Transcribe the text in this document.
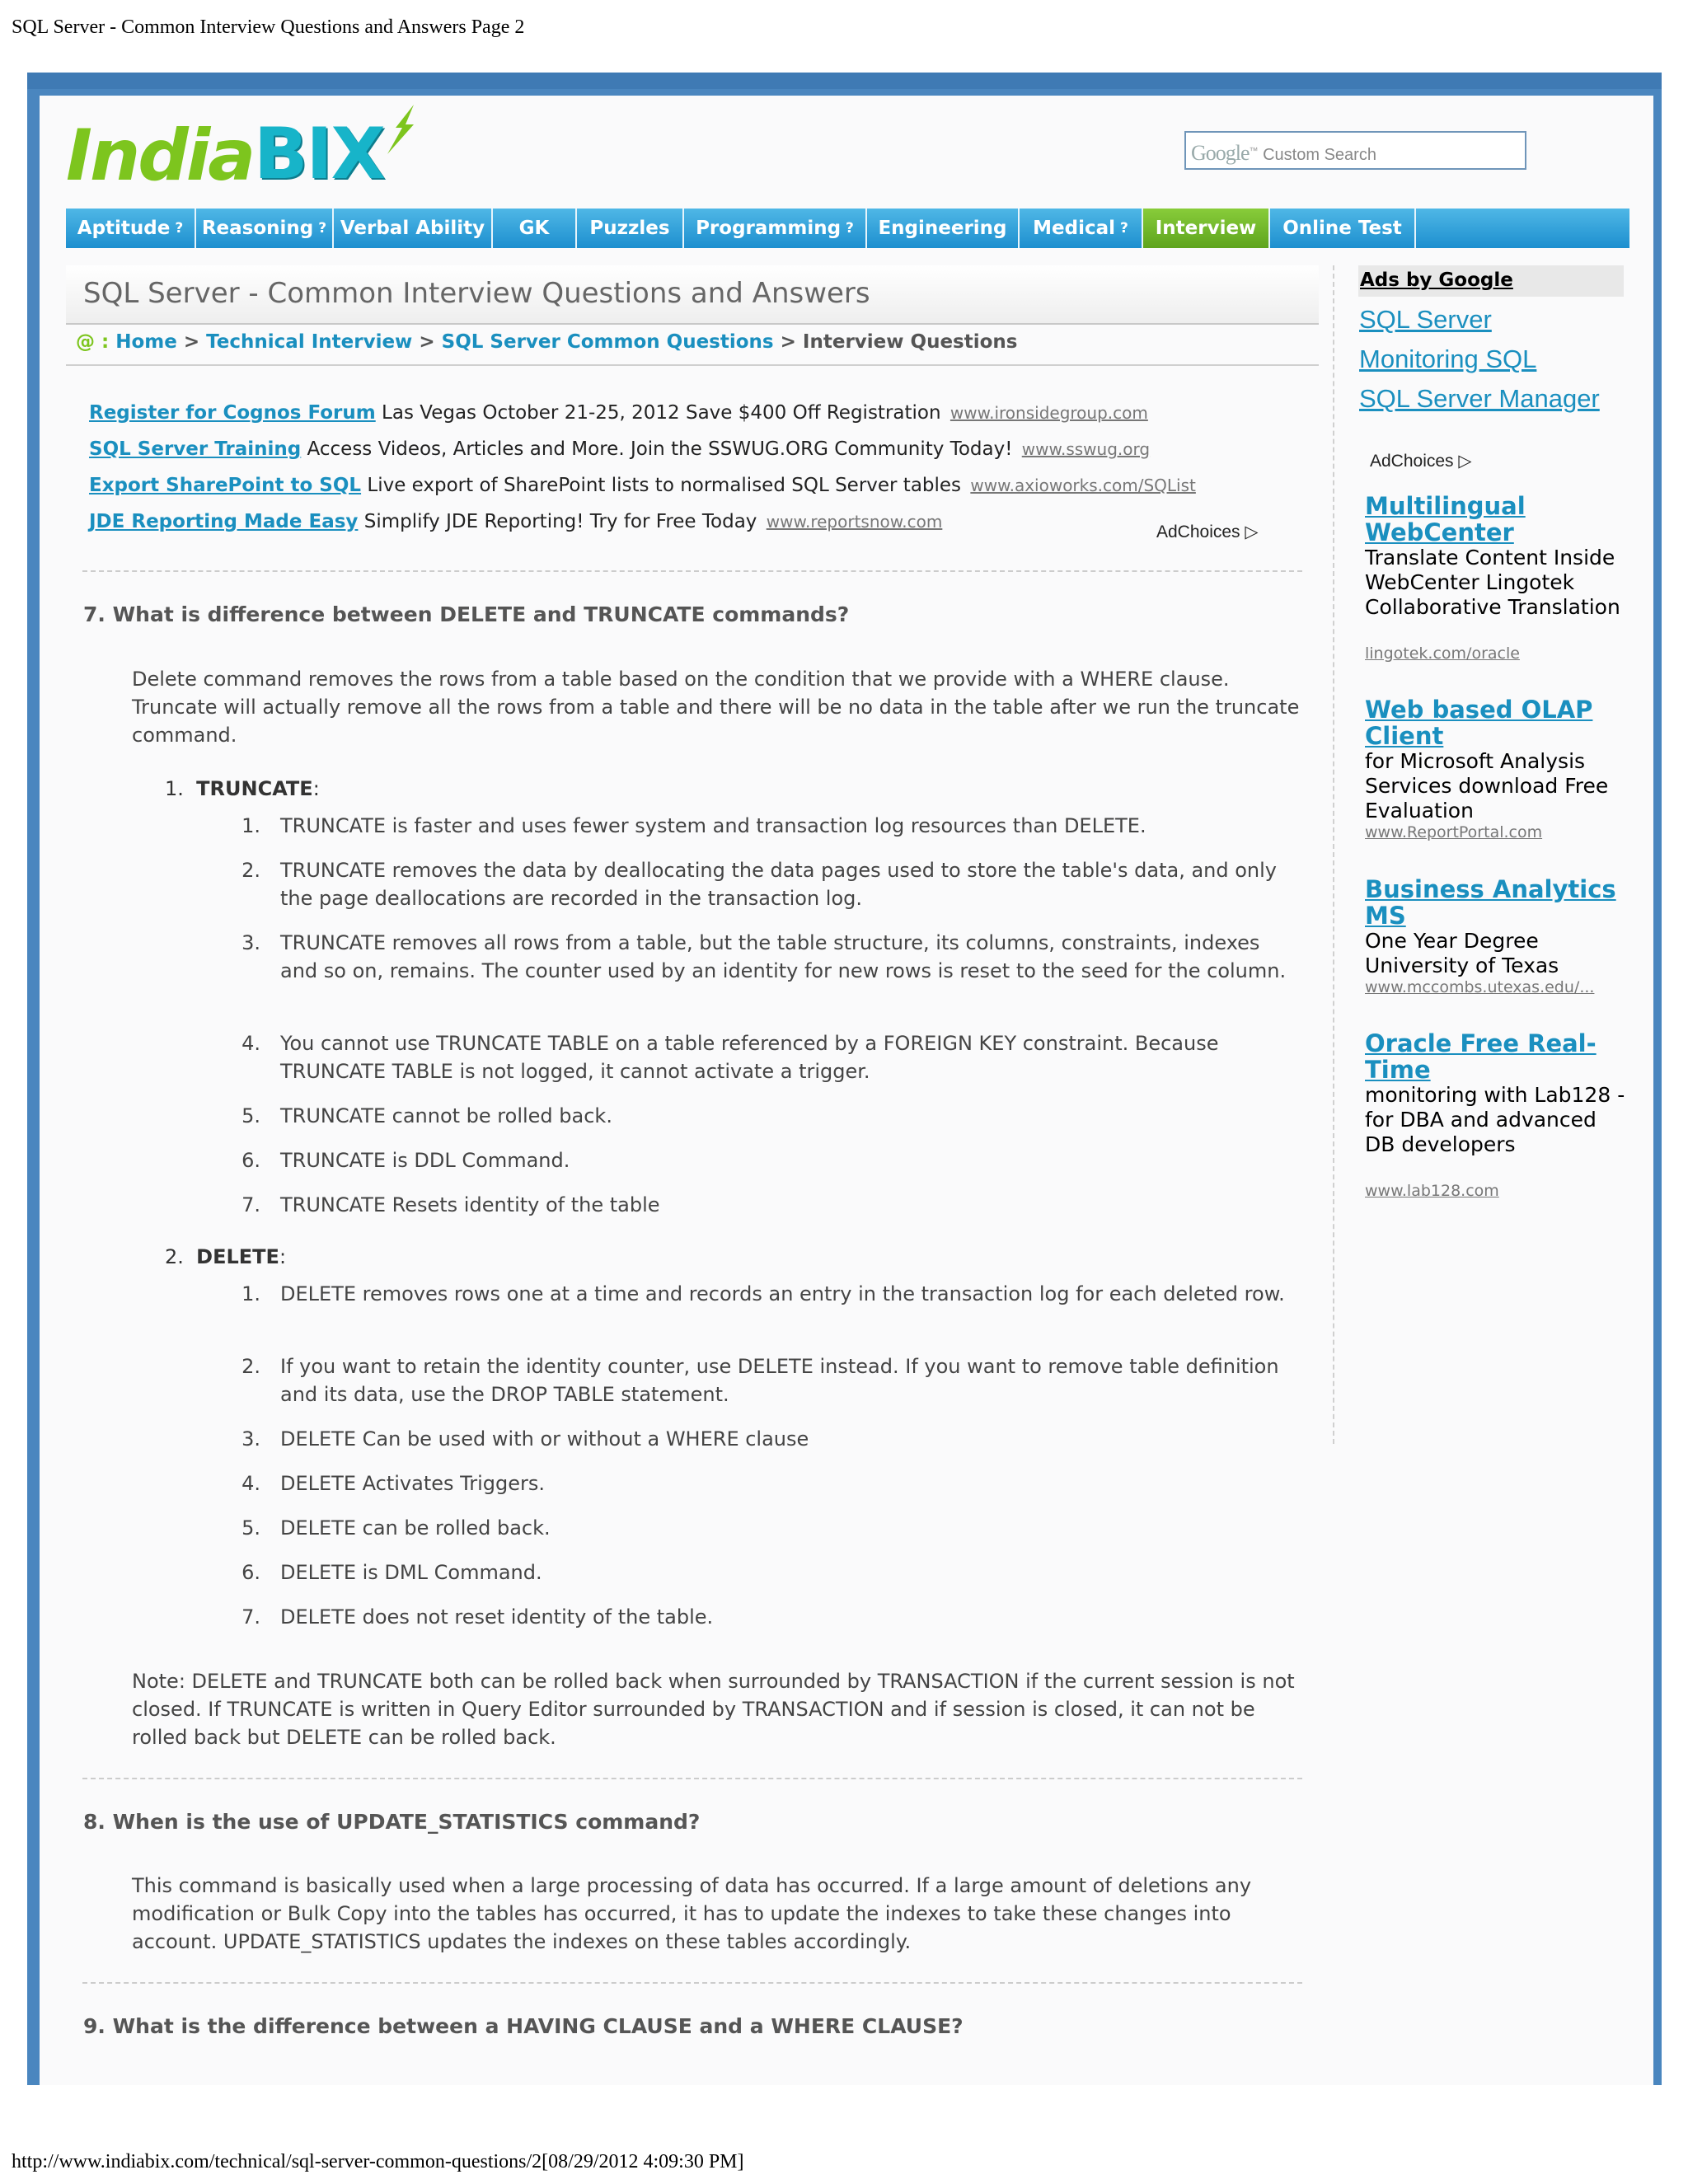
SQL Server - Common Interview Questions and Answers Page 2
India BIX	Google™ Custom Search
Aptitude ? Reasoning ? Verbal Ability GK Puzzles Programming ? Engineering Medical ? Interview Online Test
SQL Server - Common Interview Questions and Answers
@ : Home > Technical Interview > SQL Server Common Questions > Interview Questions
Register for Cognos Forum Las Vegas October 21-25, 2012 Save $400 Off Registration www.ironsidegroup.com
SQL Server Training Access Videos, Articles and More. Join the SSWUG.ORG Community Today! www.sswug.org
Export SharePoint to SQL Live export of SharePoint lists to normalised SQL Server tables www.axioworks.com/SQList
JDE Reporting Made Easy Simplify JDE Reporting! Try for Free Today www.reportsnow.com
AdChoices ▷
7. What is difference between DELETE and TRUNCATE commands?
Delete command removes the rows from a table based on the condition that we provide with a WHERE clause. Truncate will actually remove all the rows from a table and there will be no data in the table after we run the truncate command.
1. TRUNCATE:
1. TRUNCATE is faster and uses fewer system and transaction log resources than DELETE.
2. TRUNCATE removes the data by deallocating the data pages used to store the table's data, and only the page deallocations are recorded in the transaction log.
3. TRUNCATE removes all rows from a table, but the table structure, its columns, constraints, indexes and so on, remains. The counter used by an identity for new rows is reset to the seed for the column.
4. You cannot use TRUNCATE TABLE on a table referenced by a FOREIGN KEY constraint. Because TRUNCATE TABLE is not logged, it cannot activate a trigger.
5. TRUNCATE cannot be rolled back.
6. TRUNCATE is DDL Command.
7. TRUNCATE Resets identity of the table
2. DELETE:
1. DELETE removes rows one at a time and records an entry in the transaction log for each deleted row.
2. If you want to retain the identity counter, use DELETE instead. If you want to remove table definition and its data, use the DROP TABLE statement.
3. DELETE Can be used with or without a WHERE clause
4. DELETE Activates Triggers.
5. DELETE can be rolled back.
6. DELETE is DML Command.
7. DELETE does not reset identity of the table.
Note: DELETE and TRUNCATE both can be rolled back when surrounded by TRANSACTION if the current session is not closed. If TRUNCATE is written in Query Editor surrounded by TRANSACTION and if session is closed, it can not be rolled back but DELETE can be rolled back.
8. When is the use of UPDATE_STATISTICS command?
This command is basically used when a large processing of data has occurred. If a large amount of deletions any modification or Bulk Copy into the tables has occurred, it has to update the indexes to take these changes into account. UPDATE_STATISTICS updates the indexes on these tables accordingly.
9. What is the difference between a HAVING CLAUSE and a WHERE CLAUSE?
Ads by Google
SQL Server
Monitoring SQL
SQL Server Manager
AdChoices ▷
Multilingual WebCenter
Translate Content Inside WebCenter Lingotek Collaborative Translation
lingotek.com/oracle
Web based OLAP Client
for Microsoft Analysis Services download Free Evaluation
www.ReportPortal.com
Business Analytics MS
One Year Degree University of Texas
www.mccombs.utexas.edu/...
Oracle Free Real-Time
monitoring with Lab128 - for DBA and advanced DB developers
www.lab128.com
http://www.indiabix.com/technical/sql-server-common-questions/2[08/29/2012 4:09:30 PM]
